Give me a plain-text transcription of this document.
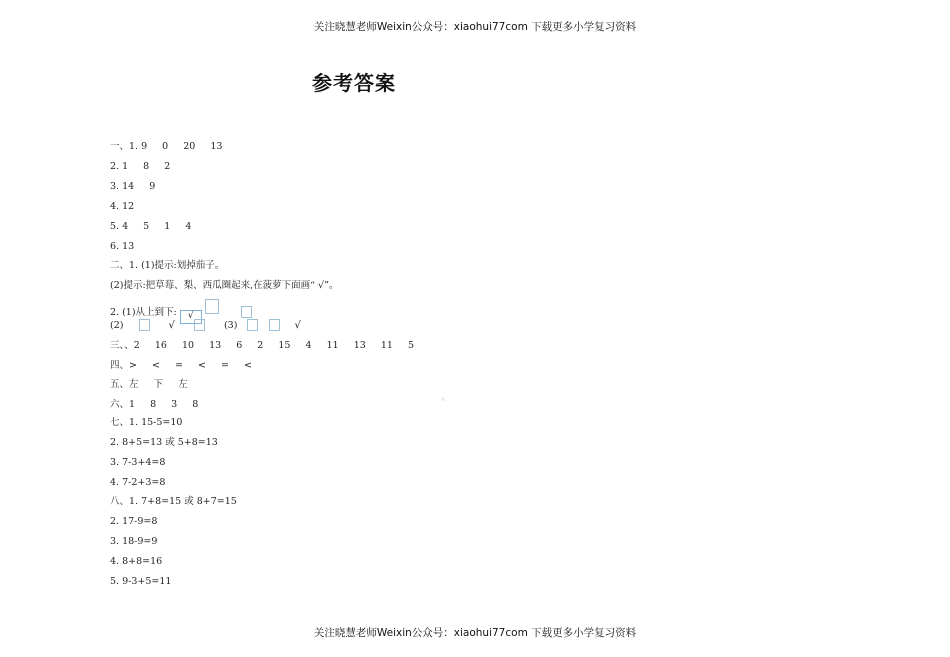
关注晓慧老师Weixin公众号：xiaohui77com 下载更多小学复习资料
参考答案
一、1. 9 0 20 13
2. 1 8 2
3. 14 9
4. 12
5. 4 5 1 4
6. 13
二、1. (1)提示:划掉茄子。
(2)提示:把草莓、梨、西瓜圈起来,在菠萝下面画“ √”。
2. (1)从上到下: √
(2)	√	(3)	√
三、、2 16 10 13 6 2 15 4 11 13 11 5
四、> < = < = <
五、左 下 左
六、1 8 3 8
七、1. 15-5=10
2. 8+5=13 或 5+8=13
3. 7-3+4=8
4. 7-2+3=8
八、1. 7+8=15 或 8+7=15
2. 17-9=8
3. 18-9=9
4. 8+8=16
5. 9-3+5=11
关注晓慧老师Weixin公众号：xiaohui77com 下载更多小学复习资料
